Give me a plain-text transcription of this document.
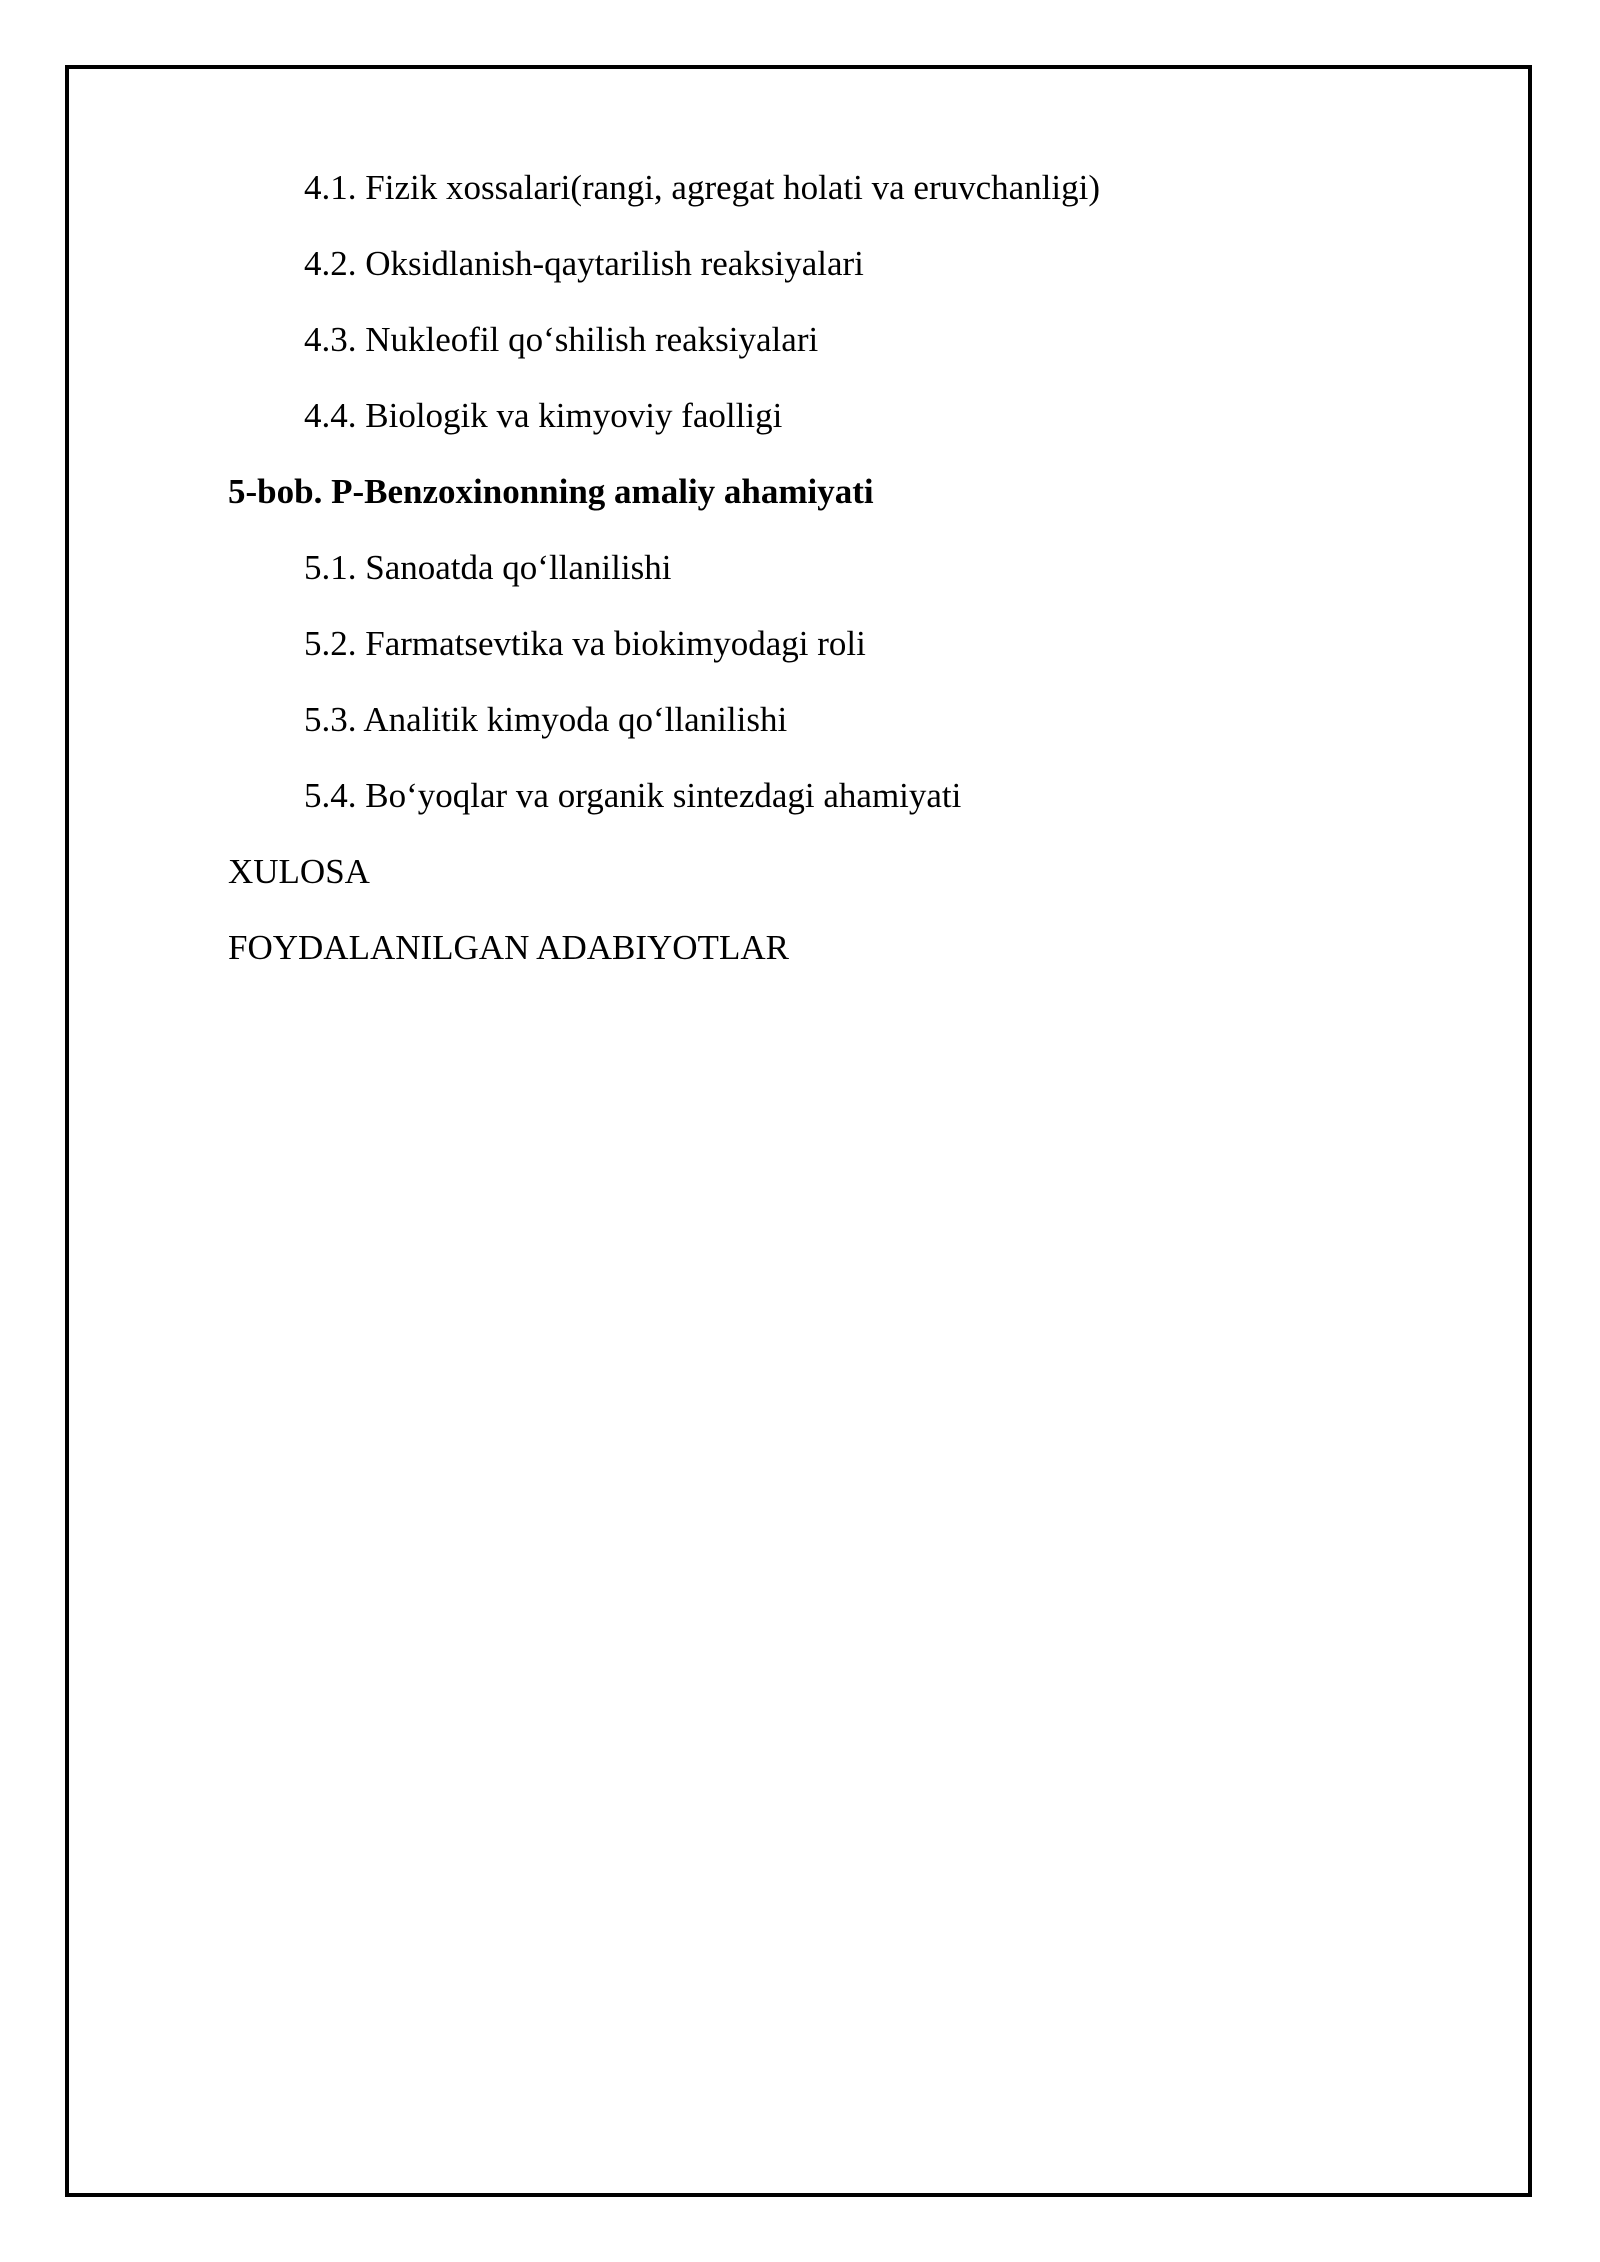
4.1. Fizik xossalari(rangi, agregat holati va eruvchanligi)
4.2. Oksidlanish-qaytarilish reaksiyalari
4.3. Nukleofil qo‘shilish reaksiyalari
4.4. Biologik va kimyoviy faolligi
5-bob. P-Benzoxinonning amaliy ahamiyati
5.1. Sanoatda qo‘llanilishi
5.2. Farmatsevtika va biokimyodagi roli
5.3. Analitik kimyoda qo‘llanilishi
5.4. Bo‘yoqlar va organik sintezdagi ahamiyati
XULOSA
FOYDALANILGAN ADABIYOTLAR
